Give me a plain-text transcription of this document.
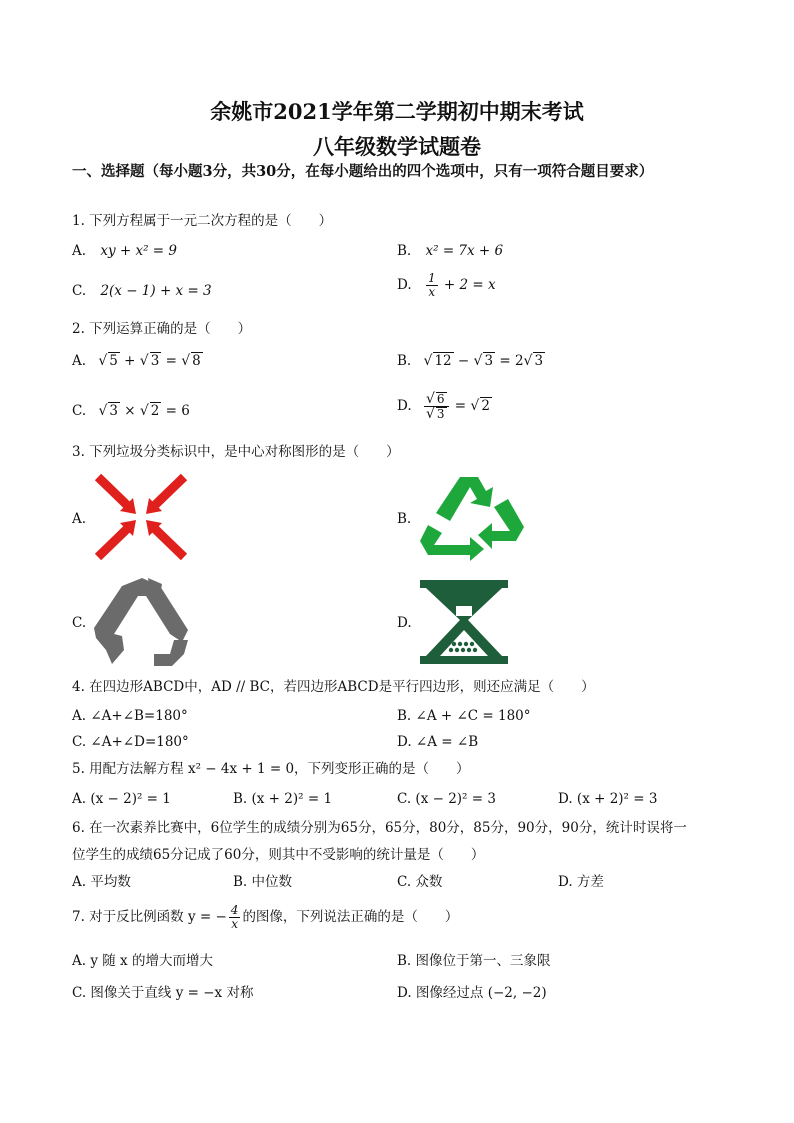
余姚市2021学年第二学期初中期末考试
八年级数学试题卷
一、选择题（每小题3分，共30分，在每小题给出的四个选项中，只有一项符合题目要求）
1. 下列方程属于一元二次方程的是（　　）
A. xy + x² = 9	B. x² = 7x + 6
C. 2(x − 1) + x = 3	D. $\frac{1}{x} + 2 = x$
2. 下列运算正确的是（　　）
A. √ 5 + √ 3 = √ 8	B. √ 12 − √ 3 = 2√ 3
C. √ 3 × √ 2 = 6	D. $\frac{√ 6}{√ 3}$ = √ 2
3. 下列垃圾分类标识中，是中心对称图形的是（　　）
A.	B.
C.	D.
4. 在四边形ABCD中，AD // BC，若四边形ABCD是平行四边形，则还应满足（　　）
A. ∠A+∠B=180°	B. ∠A + ∠C = 180°
C. ∠A+∠D=180°	D. ∠A = ∠B
5. 用配方法解方程 x² − 4x + 1 = 0，下列变形正确的是（　　）
A. (x − 2)² = 1	B. (x + 2)² = 1	C. (x − 2)² = 3	D. (x + 2)² = 3
6. 在一次素养比赛中，6位学生的成绩分别为65分，65分，80分，85分，90分，90分，统计时误将一
位学生的成绩65分记成了60分，则其中不受影响的统计量是（　　）
A. 平均数	B. 中位数	C. 众数	D. 方差
7. 对于反比例函数 y = − $\frac{4}{x}$ 的图像，下列说法正确的是（　　）
A. y 随 x 的增大而增大	B. 图像位于第一、三象限
C. 图像关于直线 y = −x 对称	D. 图像经过点 (−2, −2)
